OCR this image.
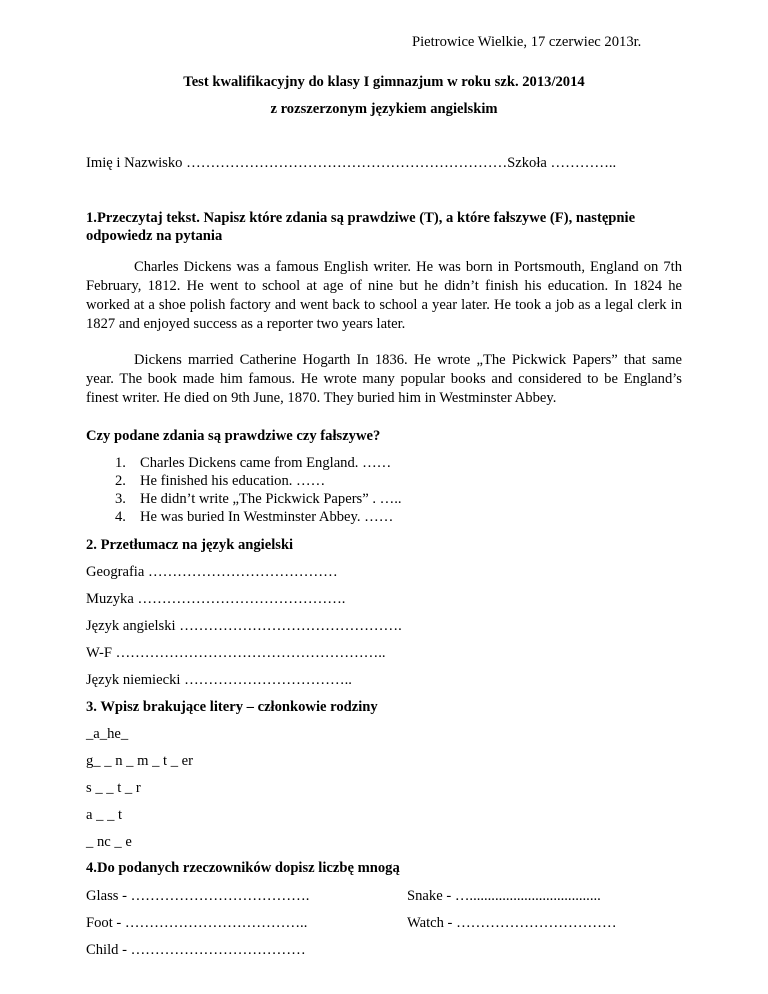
Pietrowice Wielkie, 17 czerwiec 2013r.
Test kwalifikacyjny do klasy I gimnazjum w roku szk. 2013/2014
z rozszerzonym językiem angielskim
Imię i Nazwisko …………………………………………………………Szkoła …………..
1.Przeczytaj tekst. Napisz które zdania są prawdziwe (T), a które fałszywe (F), następnie odpowiedz na pytania
Charles Dickens was a famous English writer. He was born in Portsmouth, England on 7th February, 1812. He went to school at age of nine but he didn’t finish his education. In 1824 he worked at a shoe polish factory and went back to school a year later. He took a job as a legal clerk in 1827 and enjoyed success as a reporter two years later.
Dickens married Catherine Hogarth In 1836. He wrote „The Pickwick Papers” that same year. The book made him famous. He wrote many popular books and considered to be England’s finest writer. He died on 9th June, 1870. They buried him in Westminster Abbey.
Czy podane zdania są prawdziwe czy fałszywe?
1. Charles Dickens came from England. ……
2. He finished his education. ……
3. He didn’t write „The Pickwick Papers” . …..
4. He was buried In Westminster Abbey. ……
2. Przetłumacz na język angielski
Geografia …………………………………
Muzyka …………………………………….
Język angielski ……………………………………….
W-F ………………………………………………..
Język niemiecki ……………………………..
3. Wpisz brakujące litery – członkowie rodziny
_a_he_
g_ _ n _ m _ t _ er
s _ _ t _ r
a _ _ t
_ nc _ e
4.Do podanych rzeczowników dopisz liczbę mnogą
Glass - ……………………………….
Foot - ………………………………..
Child - ………………………………
Snake - …....................................
Watch - ……………………………
